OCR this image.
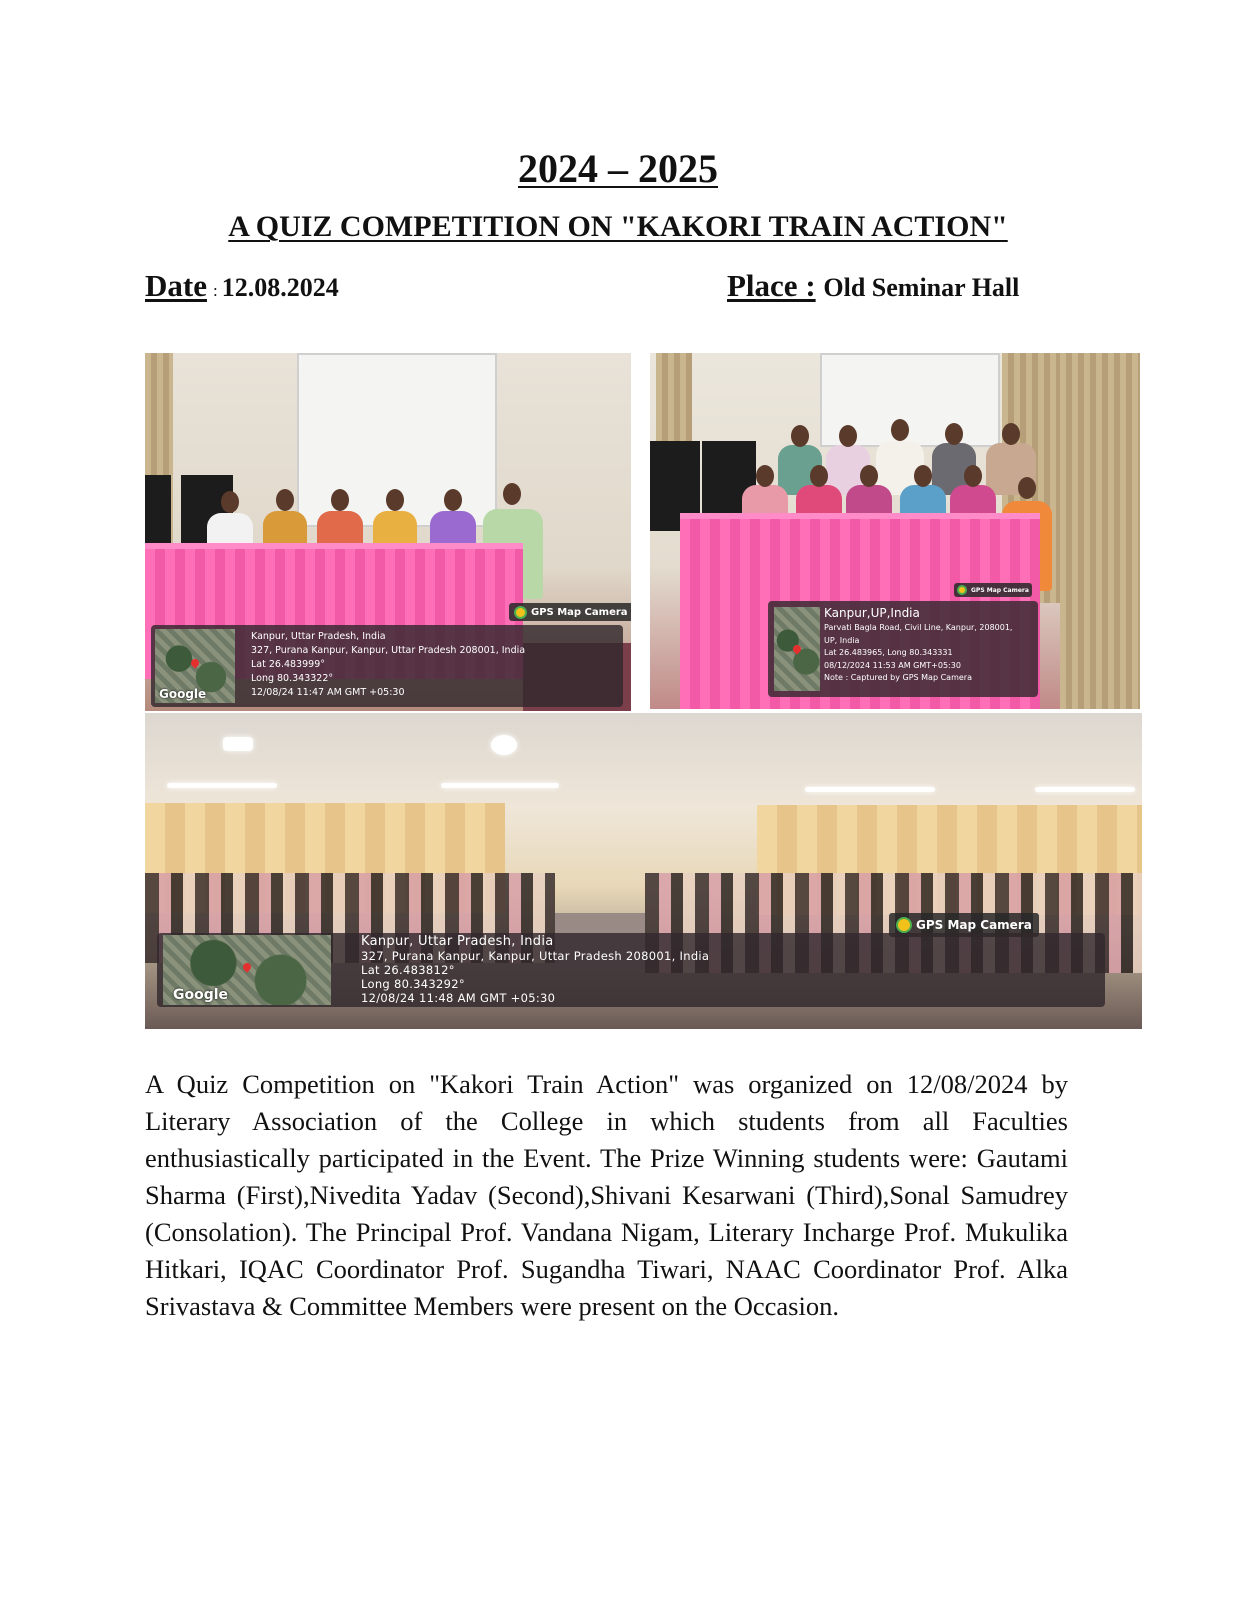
2024 – 2025
A QUIZ COMPETITION ON "KAKORI TRAIN ACTION"
Date : 12.08.2024	Place : Old Seminar Hall
GPS Map Camera
Google
Kanpur, Uttar Pradesh, India
327, Purana Kanpur, Kanpur, Uttar Pradesh 208001, India
Lat 26.483999°
Long 80.343322°
12/08/24 11:47 AM GMT +05:30
GPS Map Camera
Kanpur,UP,India
Parvati Bagla Road, Civil Line, Kanpur, 208001,
UP, India
Lat 26.483965, Long 80.343331
08/12/2024 11:53 AM GMT+05:30
Note : Captured by GPS Map Camera
GPS Map Camera
Google
Kanpur, Uttar Pradesh, India
327, Purana Kanpur, Kanpur, Uttar Pradesh 208001, India
Lat 26.483812°
Long 80.343292°
12/08/24 11:48 AM GMT +05:30
A Quiz Competition on "Kakori Train Action" was organized on 12/08/2024 by Literary Association of the College in which students from all Faculties enthusiastically participated in the Event. The Prize Winning students were: Gautami Sharma (First),Nivedita Yadav (Second),Shivani Kesarwani (Third),Sonal Samudrey (Consolation). The Principal Prof. Vandana Nigam, Literary Incharge Prof. Mukulika Hitkari, IQAC Coordinator Prof. Sugandha Tiwari, NAAC Coordinator Prof. Alka Srivastava & Committee Members were present on the Occasion.
